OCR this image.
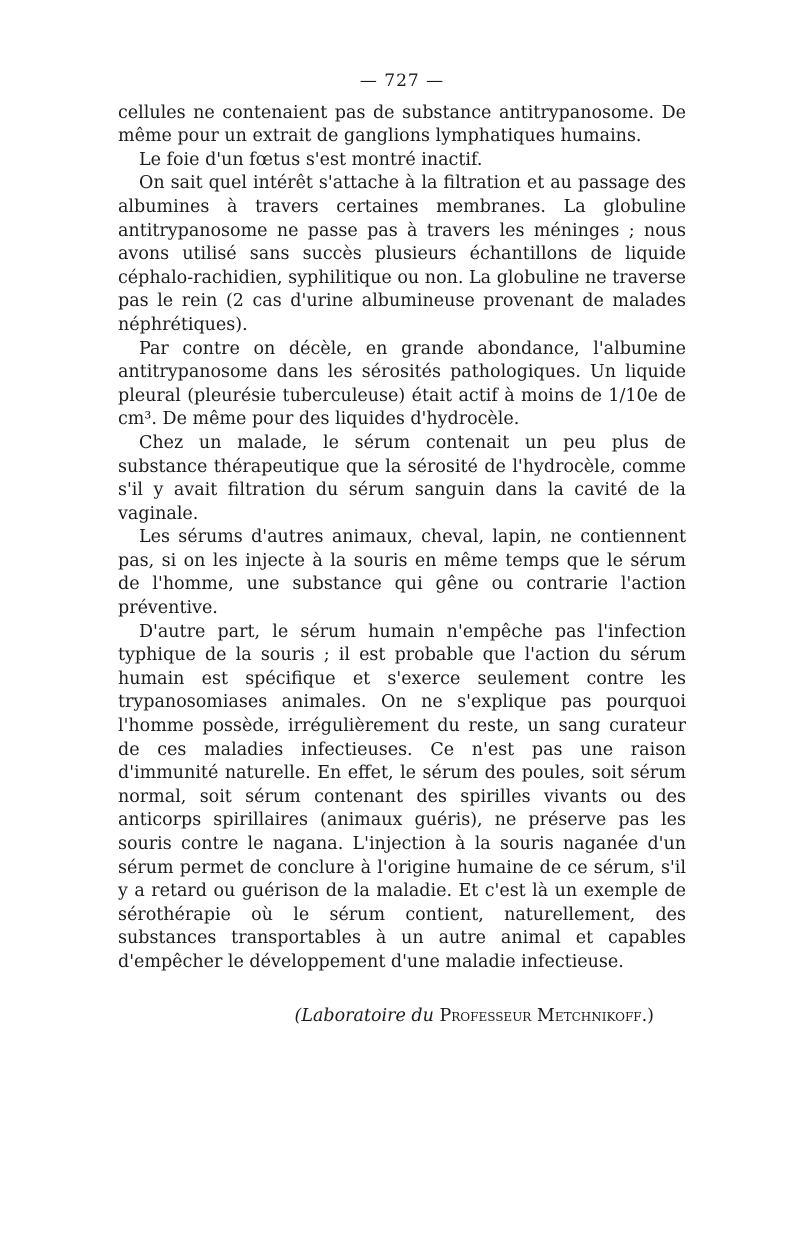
— 727 —

cellules ne contenaient pas de substance antitrypanosome. De même pour un extrait de ganglions lymphatiques humains.

Le foie d'un fœtus s'est montré inactif.

On sait quel intérêt s'attache à la filtration et au passage des albumines à travers certaines membranes. La globuline antitrypanosome ne passe pas à travers les méninges ; nous avons utilisé sans succès plusieurs échantillons de liquide céphalo-rachidien, syphilitique ou non. La globuline ne traverse pas le rein (2 cas d'urine albumineuse provenant de malades néphrétiques).

Par contre on décèle, en grande abondance, l'albumine antitrypanosome dans les sérosités pathologiques. Un liquide pleural (pleurésie tuberculeuse) était actif à moins de 1/10e de cm³. De même pour des liquides d'hydrocèle.

Chez un malade, le sérum contenait un peu plus de substance thérapeutique que la sérosité de l'hydrocèle, comme s'il y avait filtration du sérum sanguin dans la cavité de la vaginale.

Les sérums d'autres animaux, cheval, lapin, ne contiennent pas, si on les injecte à la souris en même temps que le sérum de l'homme, une substance qui gêne ou contrarie l'action préventive.

D'autre part, le sérum humain n'empêche pas l'infection typhique de la souris ; il est probable que l'action du sérum humain est spécifique et s'exerce seulement contre les trypanosomiases animales. On ne s'explique pas pourquoi l'homme possède, irrégulièrement du reste, un sang curateur de ces maladies infectieuses. Ce n'est pas une raison d'immunité naturelle. En effet, le sérum des poules, soit sérum normal, soit sérum contenant des spirilles vivants ou des anticorps spirillaires (animaux guéris), ne préserve pas les souris contre le nagana. L'injection à la souris naganée d'un sérum permet de conclure à l'origine humaine de ce sérum, s'il y a retard ou guérison de la maladie. Et c'est là un exemple de sérothérapie où le sérum contient, naturellement, des substances transportables à un autre animal et capables d'empêcher le développement d'une maladie infectieuse.

(Laboratoire du Professeur Metchnikoff.)
